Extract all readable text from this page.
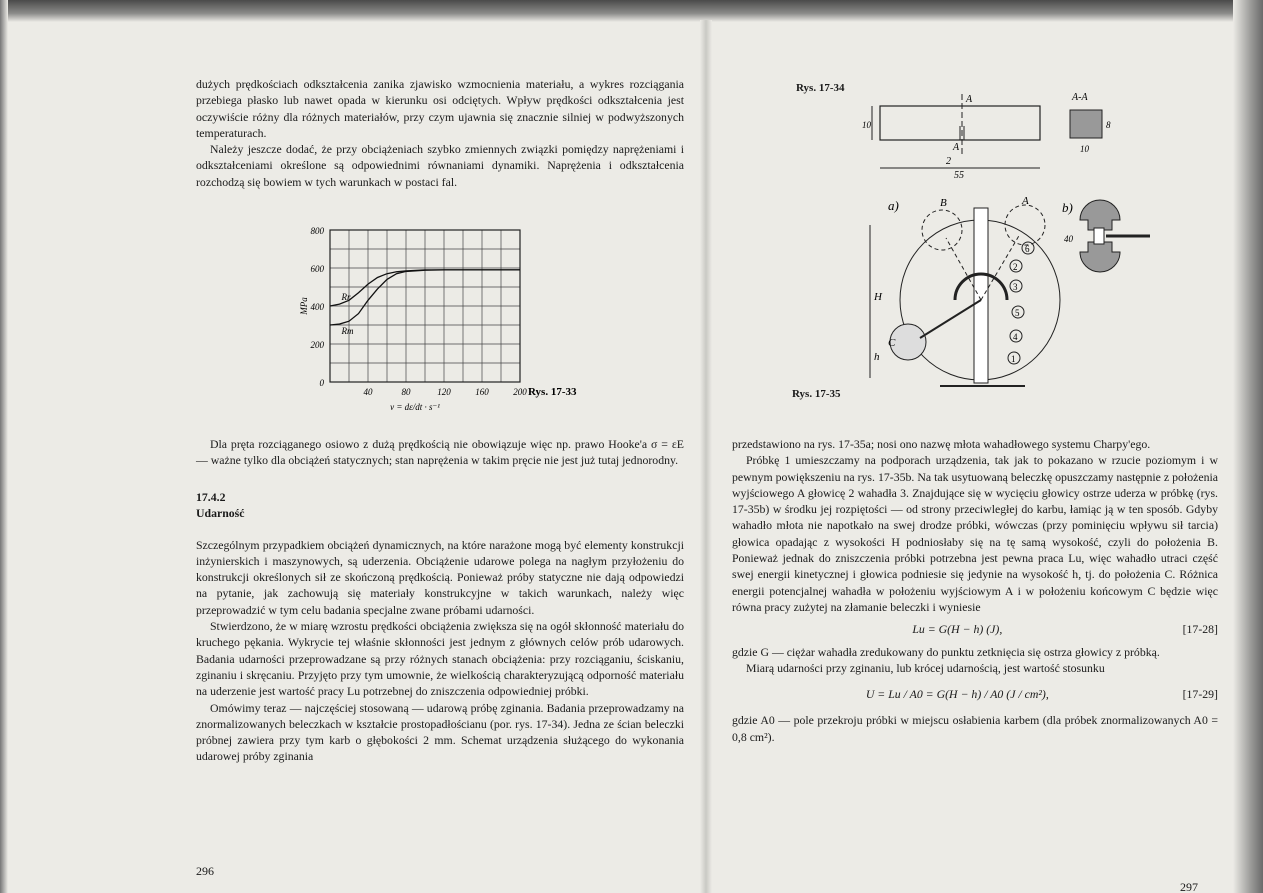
dużych prędkościach odkształcenia zanika zjawisko wzmocnienia materiału, a wykres rozciągania przebiega płasko lub nawet opada w kierunku osi odciętych. Wpływ prędkości odkształcenia jest oczywiście różny dla różnych materiałów, przy czym ujawnia się znacznie silniej w podwyższonych temperaturach.

Należy jeszcze dodać, że przy obciążeniach szybko zmiennych związki pomiędzy naprężeniami i odkształceniami określone są odpowiednimi równaniami dynamiki. Naprężenia i odkształcenia rozchodzą się bowiem w tych warunkach w postaci fal.

0
200
400
600
800
40	80	120	160	200
MPa
v = dε/dt · s⁻¹
Rys. 17-33
Rr
Rm

Dla pręta rozciąganego osiowo z dużą prędkością nie obowiązuje więc np. prawo Hooke'a σ = εE — ważne tylko dla obciążeń statycznych; stan naprężenia w takim pręcie nie jest już tutaj jednorodny.

17.4.2
Udarność

Szczególnym przypadkiem obciążeń dynamicznych, na które narażone mogą być elementy konstrukcji inżynierskich i maszynowych, są uderzenia. Obciążenie udarowe polega na nagłym przyłożeniu do konstrukcji określonych sił ze skończoną prędkością. Ponieważ próby statyczne nie dają odpowiedzi na pytanie, jak zachowują się materiały konstrukcyjne w takich warunkach, należy więc przeprowadzić w tym celu badania specjalne zwane próbami udarności.

Stwierdzono, że w miarę wzrostu prędkości obciążenia zwiększa się na ogół skłonność materiału do kruchego pękania. Wykrycie tej właśnie skłonności jest jednym z głównych celów prób udarowych. Badania udarności przeprowadzane są przy różnych stanach obciążenia: przy rozciąganiu, ściskaniu, zginaniu i skręcaniu. Przyjęto przy tym umownie, że wielkością charakteryzującą odporność materiału na uderzenie jest wartość pracy Lu potrzebnej do zniszczenia odpowiedniej próbki.

Omówimy teraz — najczęściej stosowaną — udarową próbę zginania. Badania przeprowadzamy na znormalizowanych beleczkach w kształcie prostopadłościanu (por. rys. 17-34). Jedna ze ścian beleczki próbnej zawiera przy tym karb o głębokości 2 mm. Schemat urządzenia służącego do wykonania udarowej próby zginania

296
Rys. 17-34
A
A
10
2
55
A-A
8
10
a)	b)
B	A
C
H
h
2
3
5
4
1
6
40
Rys. 17-35

przedstawiono na rys. 17-35a; nosi ono nazwę młota wahadłowego systemu Charpy'ego.

Próbkę 1 umieszczamy na podporach urządzenia, tak jak to pokazano w rzucie poziomym i w pewnym powiększeniu na rys. 17-35b. Na tak usytuowaną beleczkę opuszczamy następnie z położenia wyjściowego A głowicę 2 wahadła 3. Znajdujące się w wycięciu głowicy ostrze uderza w próbkę (rys. 17-35b) w środku jej rozpiętości — od strony przeciwległej do karbu, łamiąc ją w ten sposób. Gdyby wahadło młota nie napotkało na swej drodze próbki, wówczas (przy pominięciu wpływu sił tarcia) głowica opadając z wysokości H podniosłaby się na tę samą wysokość, czyli do położenia B. Ponieważ jednak do zniszczenia próbki potrzebna jest pewna praca Lu, więc wahadło utraci część swej energii kinetycznej i głowica podniesie się jedynie na wysokość h, tj. do położenia C. Różnica energii potencjalnej wahadła w położeniu wyjściowym A i w położeniu końcowym C będzie więc równa pracy zużytej na złamanie beleczki i wyniesie

Lu = G(H − h) (J),	[17-28]

gdzie G — ciężar wahadła zredukowany do punktu zetknięcia się ostrza głowicy z próbką.

Miarą udarności przy zginaniu, lub krócej udarnością, jest wartość stosunku

U = Lu / A0 = G(H − h) / A0 (J / cm²),	[17-29]

gdzie A0 — pole przekroju próbki w miejscu osłabienia karbem (dla próbek znormalizowanych A0 = 0,8 cm²).

297
